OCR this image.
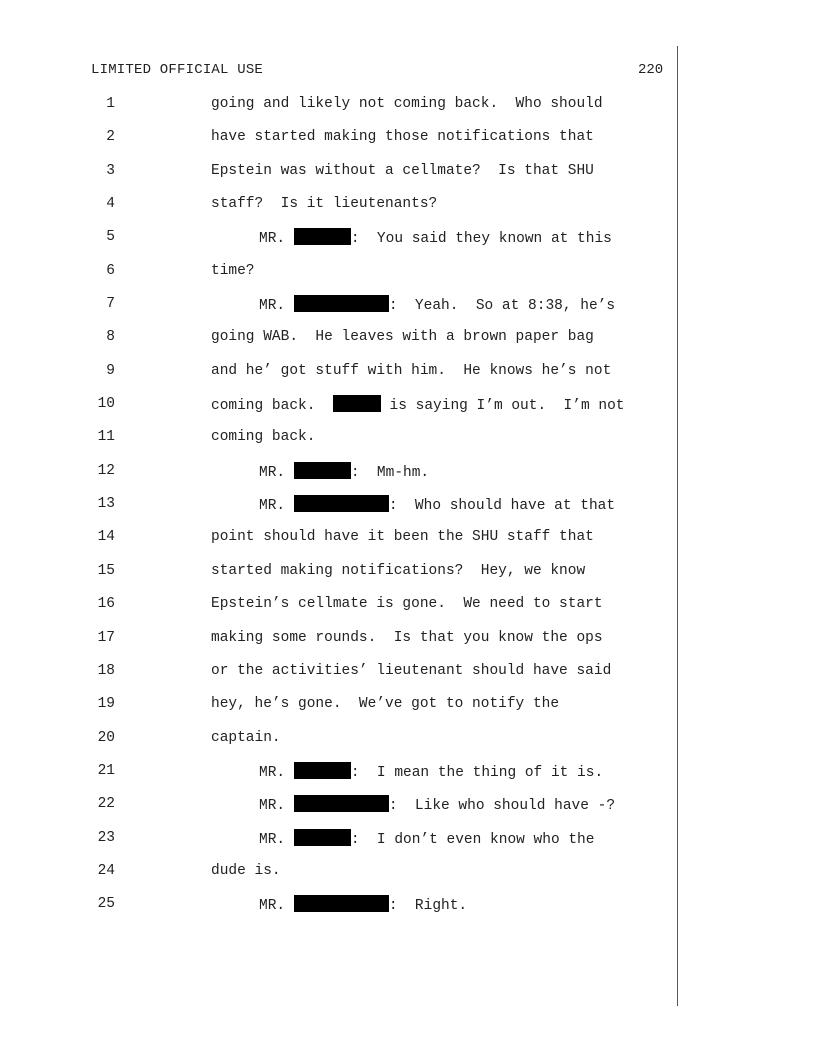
LIMITED OFFICIAL USE	220
1	going and likely not coming back.  Who should
2	have started making those notifications that
3	Epstein was without a cellmate?  Is that SHU
4	staff?  Is it lieutenants?
5	MR.	:  You said they known at this
6	time?
7	MR.	:  Yeah.  So at 8:38, he’s
8	going WAB.  He leaves with a brown paper bag
9	and he’ got stuff with him.  He knows he’s not
10	coming back.	is saying I’m out.  I’m not
11	coming back.
12	MR.	:  Mm-hm.
13	MR.	:  Who should have at that
14	point should have it been the SHU staff that
15	started making notifications?  Hey, we know
16	Epstein’s cellmate is gone.  We need to start
17	making some rounds.  Is that you know the ops
18	or the activities’ lieutenant should have said
19	hey, he’s gone.  We’ve got to notify the
20	captain.
21	MR.	:  I mean the thing of it is.
22	MR.	:  Like who should have -?
23	MR.	:  I don’t even know who the
24	dude is.
25	MR.	:  Right.
